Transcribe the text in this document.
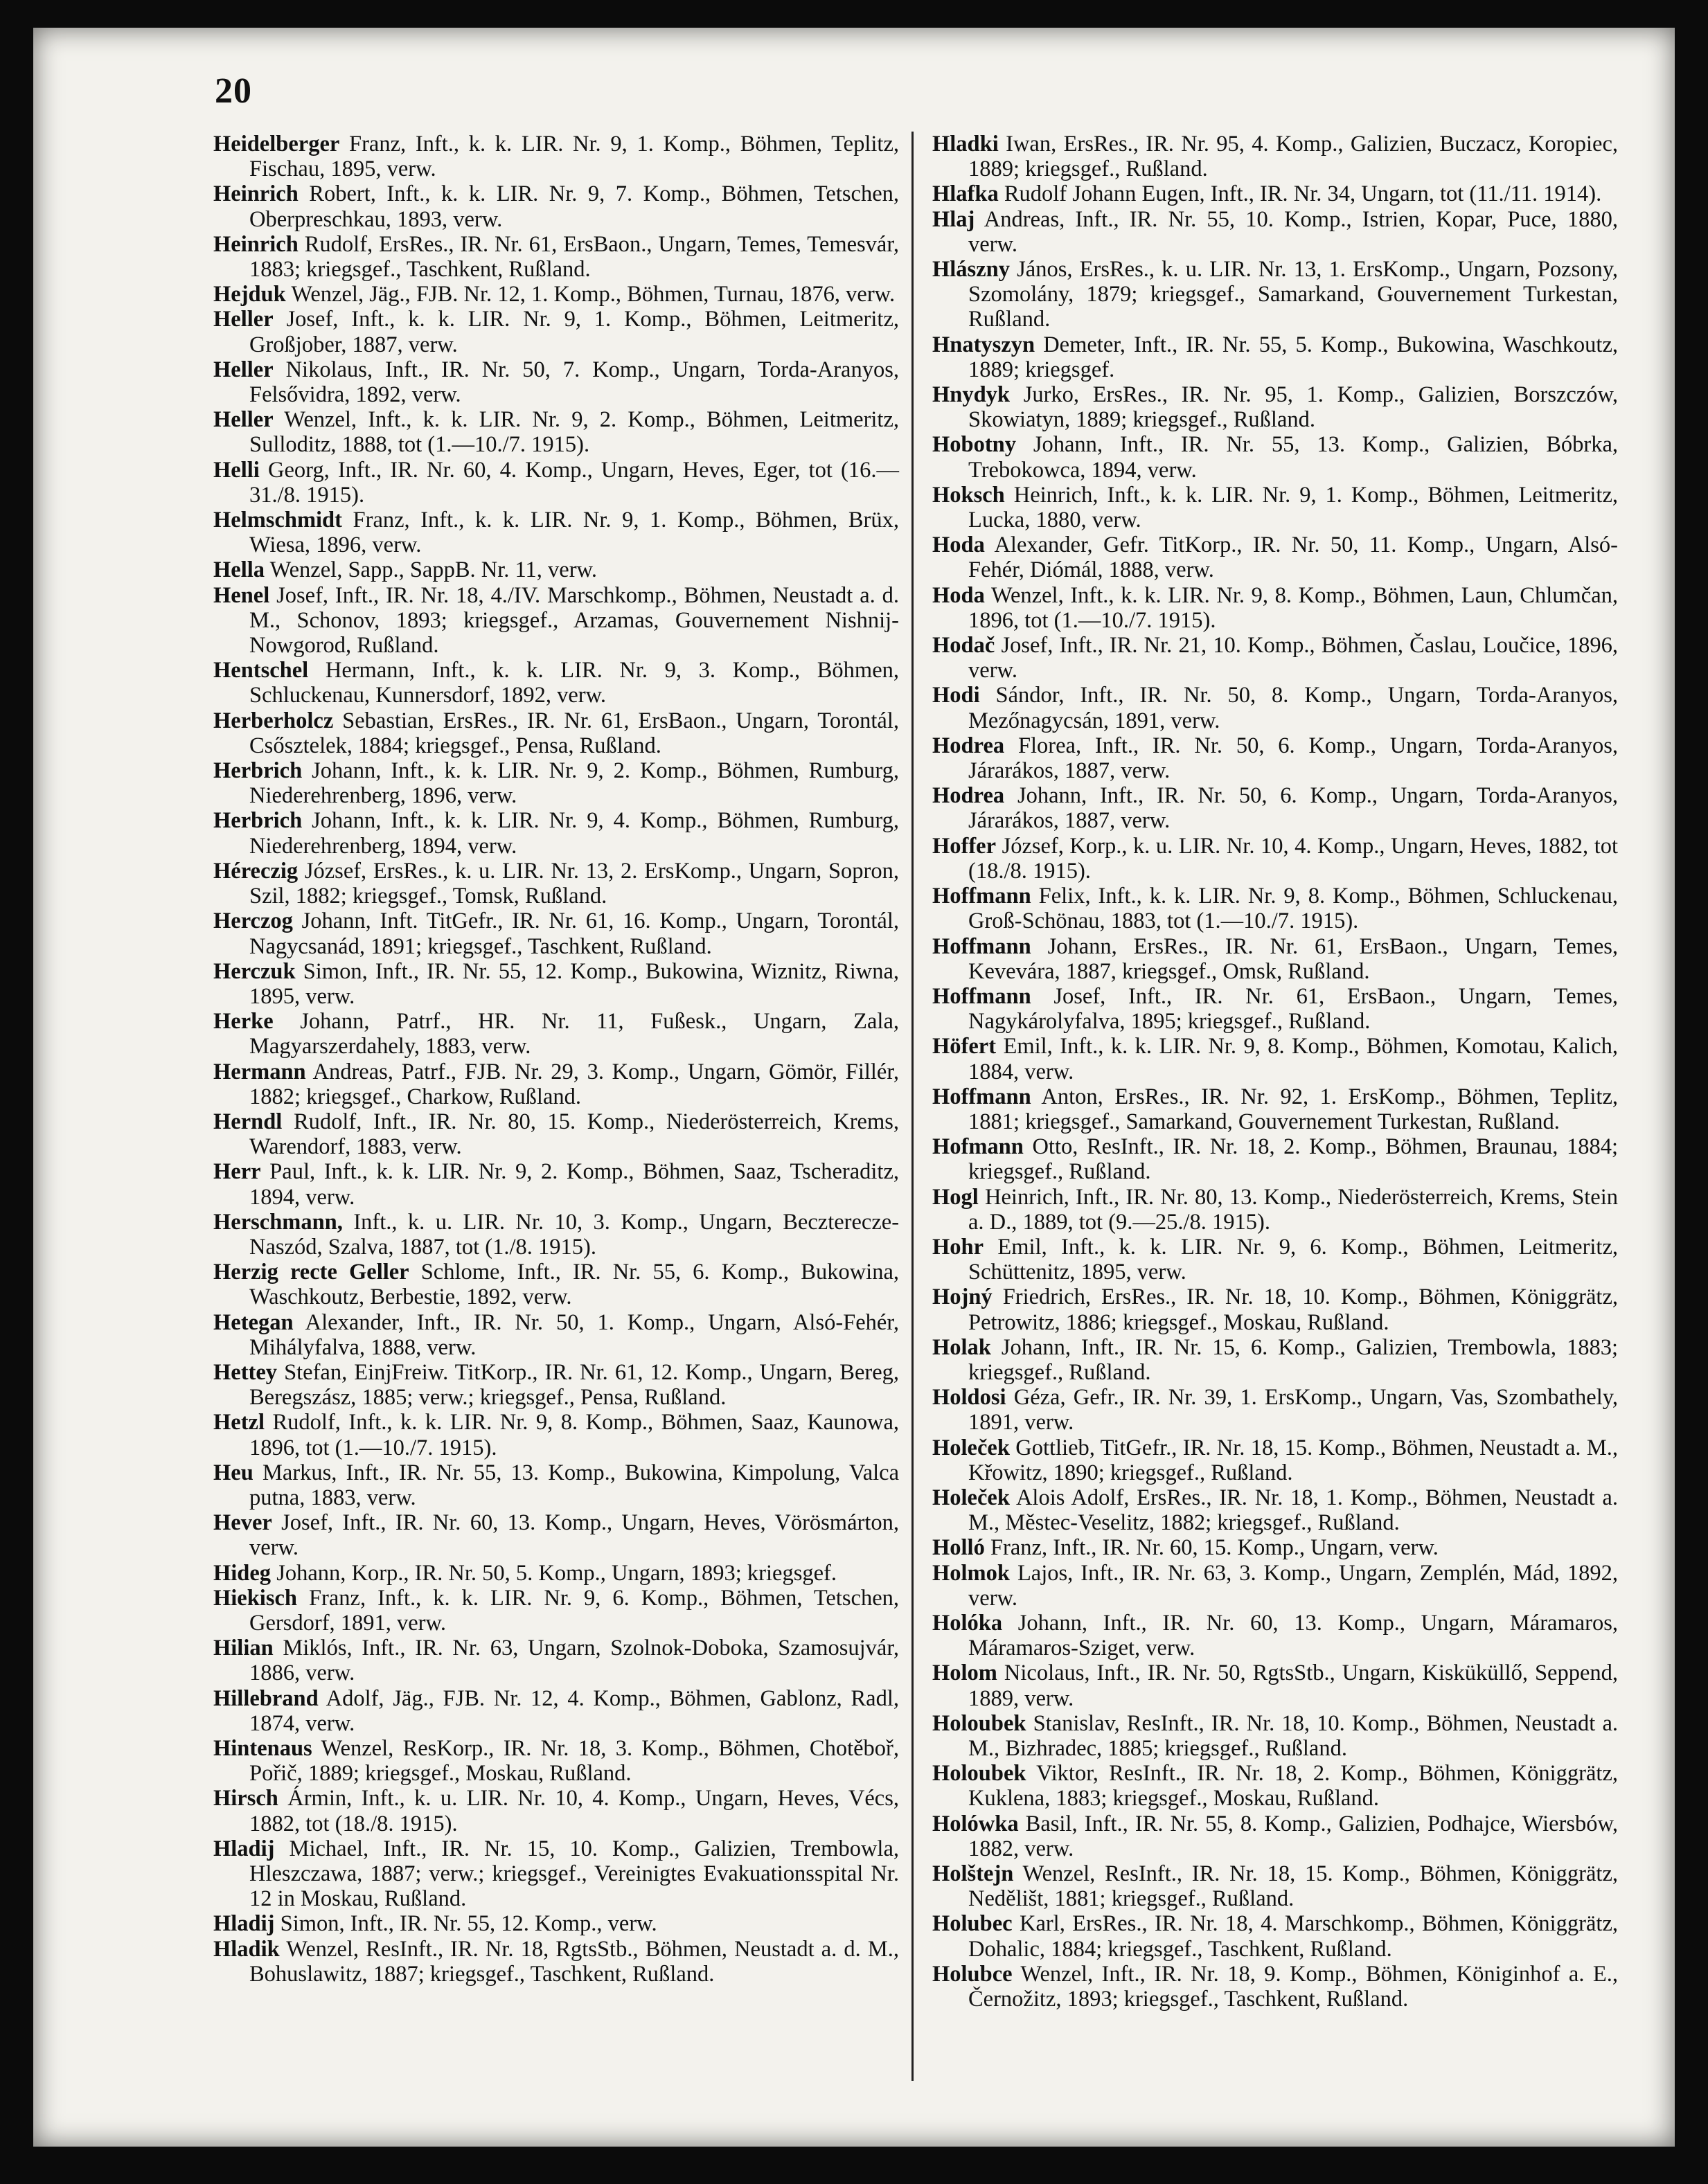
20

Heidelberger Franz, Inft., k. k. LIR. Nr. 9, 1. Komp., Böhmen, Teplitz, Fischau, 1895, verw.

Heinrich Robert, Inft., k. k. LIR. Nr. 9, 7. Komp., Böhmen, Tetschen, Oberpreschkau, 1893, verw.

Heinrich Rudolf, ErsRes., IR. Nr. 61, ErsBaon., Ungarn, Temes, Temesvár, 1883; kriegsgef., Taschkent, Rußland.

Hejduk Wenzel, Jäg., FJB. Nr. 12, 1. Komp., Böhmen, Turnau, 1876, verw.

Heller Josef, Inft., k. k. LIR. Nr. 9, 1. Komp., Böhmen, Leitmeritz, Großjober, 1887, verw.

Heller Nikolaus, Inft., IR. Nr. 50, 7. Komp., Ungarn, Torda-Aranyos, Felsővidra, 1892, verw.

Heller Wenzel, Inft., k. k. LIR. Nr. 9, 2. Komp., Böhmen, Leitmeritz, Sulloditz, 1888, tot (1.—10./7. 1915).

Helli Georg, Inft., IR. Nr. 60, 4. Komp., Ungarn, Heves, Eger, tot (16.—31./8. 1915).

Helmschmidt Franz, Inft., k. k. LIR. Nr. 9, 1. Komp., Böhmen, Brüx, Wiesa, 1896, verw.

Hella Wenzel, Sapp., SappB. Nr. 11, verw.

Henel Josef, Inft., IR. Nr. 18, 4./IV. Marschkomp., Böhmen, Neustadt a. d. M., Schonov, 1893; kriegsgef., Arzamas, Gouvernement Nishnij-Nowgorod, Rußland.

Hentschel Hermann, Inft., k. k. LIR. Nr. 9, 3. Komp., Böhmen, Schluckenau, Kunnersdorf, 1892, verw.

Herberholcz Sebastian, ErsRes., IR. Nr. 61, ErsBaon., Ungarn, Torontál, Csősztelek, 1884; kriegsgef., Pensa, Rußland.

Herbrich Johann, Inft., k. k. LIR. Nr. 9, 2. Komp., Böhmen, Rumburg, Niederehrenberg, 1896, verw.

Herbrich Johann, Inft., k. k. LIR. Nr. 9, 4. Komp., Böhmen, Rumburg, Niederehrenberg, 1894, verw.

Héreczig József, ErsRes., k. u. LIR. Nr. 13, 2. ErsKomp., Ungarn, Sopron, Szil, 1882; kriegsgef., Tomsk, Rußland.

Herczog Johann, Inft. TitGefr., IR. Nr. 61, 16. Komp., Ungarn, Torontál, Nagycsanád, 1891; kriegsgef., Taschkent, Rußland.

Herczuk Simon, Inft., IR. Nr. 55, 12. Komp., Bukowina, Wiznitz, Riwna, 1895, verw.

Herke Johann, Patrf., HR. Nr. 11, Fußesk., Ungarn, Zala, Magyarszerdahely, 1883, verw.

Hermann Andreas, Patrf., FJB. Nr. 29, 3. Komp., Ungarn, Gömör, Fillér, 1882; kriegsgef., Charkow, Rußland.

Herndl Rudolf, Inft., IR. Nr. 80, 15. Komp., Niederösterreich, Krems, Warendorf, 1883, verw.

Herr Paul, Inft., k. k. LIR. Nr. 9, 2. Komp., Böhmen, Saaz, Tscheraditz, 1894, verw.

Herschmann, Inft., k. u. LIR. Nr. 10, 3. Komp., Ungarn, Beczterecze-Naszód, Szalva, 1887, tot (1./8. 1915).

Herzig recte Geller Schlome, Inft., IR. Nr. 55, 6. Komp., Bukowina, Waschkoutz, Berbestie, 1892, verw.

Hetegan Alexander, Inft., IR. Nr. 50, 1. Komp., Ungarn, Alsó-Fehér, Mihályfalva, 1888, verw.

Hettey Stefan, EinjFreiw. TitKorp., IR. Nr. 61, 12. Komp., Ungarn, Bereg, Beregszász, 1885; verw.; kriegsgef., Pensa, Rußland.

Hetzl Rudolf, Inft., k. k. LIR. Nr. 9, 8. Komp., Böhmen, Saaz, Kaunowa, 1896, tot (1.—10./7. 1915).

Heu Markus, Inft., IR. Nr. 55, 13. Komp., Bukowina, Kimpolung, Valca putna, 1883, verw.

Hever Josef, Inft., IR. Nr. 60, 13. Komp., Ungarn, Heves, Vörösmárton, verw.

Hideg Johann, Korp., IR. Nr. 50, 5. Komp., Ungarn, 1893; kriegsgef.

Hiekisch Franz, Inft., k. k. LIR. Nr. 9, 6. Komp., Böhmen, Tetschen, Gersdorf, 1891, verw.

Hilian Miklós, Inft., IR. Nr. 63, Ungarn, Szolnok-Doboka, Szamosujvár, 1886, verw.

Hillebrand Adolf, Jäg., FJB. Nr. 12, 4. Komp., Böhmen, Gablonz, Radl, 1874, verw.

Hintenaus Wenzel, ResKorp., IR. Nr. 18, 3. Komp., Böhmen, Chotěboř, Pořič, 1889; kriegsgef., Moskau, Rußland.

Hirsch Ármin, Inft., k. u. LIR. Nr. 10, 4. Komp., Ungarn, Heves, Vécs, 1882, tot (18./8. 1915).

Hladij Michael, Inft., IR. Nr. 15, 10. Komp., Galizien, Trembowla, Hleszczawa, 1887; verw.; kriegsgef., Vereinigtes Evakuationsspital Nr. 12 in Moskau, Rußland.

Hladij Simon, Inft., IR. Nr. 55, 12. Komp., verw.

Hladik Wenzel, ResInft., IR. Nr. 18, RgtsStb., Böhmen, Neustadt a. d. M., Bohuslawitz, 1887; kriegsgef., Taschkent, Rußland.

Hladki Iwan, ErsRes., IR. Nr. 95, 4. Komp., Galizien, Buczacz, Koropiec, 1889; kriegsgef., Rußland.

Hlafka Rudolf Johann Eugen, Inft., IR. Nr. 34, Ungarn, tot (11./11. 1914).

Hlaj Andreas, Inft., IR. Nr. 55, 10. Komp., Istrien, Kopar, Puce, 1880, verw.

Hlászny János, ErsRes., k. u. LIR. Nr. 13, 1. ErsKomp., Ungarn, Pozsony, Szomolány, 1879; kriegsgef., Samarkand, Gouvernement Turkestan, Rußland.

Hnatyszyn Demeter, Inft., IR. Nr. 55, 5. Komp., Bukowina, Waschkoutz, 1889; kriegsgef.

Hnydyk Jurko, ErsRes., IR. Nr. 95, 1. Komp., Galizien, Borszczów, Skowiatyn, 1889; kriegsgef., Rußland.

Hobotny Johann, Inft., IR. Nr. 55, 13. Komp., Galizien, Bóbrka, Trebokowca, 1894, verw.

Hoksch Heinrich, Inft., k. k. LIR. Nr. 9, 1. Komp., Böhmen, Leitmeritz, Lucka, 1880, verw.

Hoda Alexander, Gefr. TitKorp., IR. Nr. 50, 11. Komp., Ungarn, Alsó-Fehér, Diómál, 1888, verw.

Hoda Wenzel, Inft., k. k. LIR. Nr. 9, 8. Komp., Böhmen, Laun, Chlumčan, 1896, tot (1.—10./7. 1915).

Hodač Josef, Inft., IR. Nr. 21, 10. Komp., Böhmen, Časlau, Loučice, 1896, verw.

Hodi Sándor, Inft., IR. Nr. 50, 8. Komp., Ungarn, Torda-Aranyos, Mezőnagycsán, 1891, verw.

Hodrea Florea, Inft., IR. Nr. 50, 6. Komp., Ungarn, Torda-Aranyos, Járarákos, 1887, verw.

Hodrea Johann, Inft., IR. Nr. 50, 6. Komp., Ungarn, Torda-Aranyos, Járarákos, 1887, verw.

Hoffer József, Korp., k. u. LIR. Nr. 10, 4. Komp., Ungarn, Heves, 1882, tot (18./8. 1915).

Hoffmann Felix, Inft., k. k. LIR. Nr. 9, 8. Komp., Böhmen, Schluckenau, Groß-Schönau, 1883, tot (1.—10./7. 1915).

Hoffmann Johann, ErsRes., IR. Nr. 61, ErsBaon., Ungarn, Temes, Kevevára, 1887, kriegsgef., Omsk, Rußland.

Hoffmann Josef, Inft., IR. Nr. 61, ErsBaon., Ungarn, Temes, Nagykárolyfalva, 1895; kriegsgef., Rußland.

Höfert Emil, Inft., k. k. LIR. Nr. 9, 8. Komp., Böhmen, Komotau, Kalich, 1884, verw.

Hoffmann Anton, ErsRes., IR. Nr. 92, 1. ErsKomp., Böhmen, Teplitz, 1881; kriegsgef., Samarkand, Gouvernement Turkestan, Rußland.

Hofmann Otto, ResInft., IR. Nr. 18, 2. Komp., Böhmen, Braunau, 1884; kriegsgef., Rußland.

Hogl Heinrich, Inft., IR. Nr. 80, 13. Komp., Niederösterreich, Krems, Stein a. D., 1889, tot (9.—25./8. 1915).

Hohr Emil, Inft., k. k. LIR. Nr. 9, 6. Komp., Böhmen, Leitmeritz, Schüttenitz, 1895, verw.

Hojný Friedrich, ErsRes., IR. Nr. 18, 10. Komp., Böhmen, Königgrätz, Petrowitz, 1886; kriegsgef., Moskau, Rußland.

Holak Johann, Inft., IR. Nr. 15, 6. Komp., Galizien, Trembowla, 1883; kriegsgef., Rußland.

Holdosi Géza, Gefr., IR. Nr. 39, 1. ErsKomp., Ungarn, Vas, Szombathely, 1891, verw.

Holeček Gottlieb, TitGefr., IR. Nr. 18, 15. Komp., Böhmen, Neustadt a. M., Křowitz, 1890; kriegsgef., Rußland.

Holeček Alois Adolf, ErsRes., IR. Nr. 18, 1. Komp., Böhmen, Neustadt a. M., Městec-Veselitz, 1882; kriegsgef., Rußland.

Holló Franz, Inft., IR. Nr. 60, 15. Komp., Ungarn, verw.

Holmok Lajos, Inft., IR. Nr. 63, 3. Komp., Ungarn, Zemplén, Mád, 1892, verw.

Holóka Johann, Inft., IR. Nr. 60, 13. Komp., Ungarn, Máramaros, Máramaros-Sziget, verw.

Holom Nicolaus, Inft., IR. Nr. 50, RgtsStb., Ungarn, Kisküküllő, Seppend, 1889, verw.

Holoubek Stanislav, ResInft., IR. Nr. 18, 10. Komp., Böhmen, Neustadt a. M., Bizhradec, 1885; kriegsgef., Rußland.

Holoubek Viktor, ResInft., IR. Nr. 18, 2. Komp., Böhmen, Königgrätz, Kuklena, 1883; kriegsgef., Moskau, Rußland.

Holówka Basil, Inft., IR. Nr. 55, 8. Komp., Galizien, Podhajce, Wiersbów, 1882, verw.

Holštejn Wenzel, ResInft., IR. Nr. 18, 15. Komp., Böhmen, Königgrätz, Nedělišt, 1881; kriegsgef., Rußland.

Holubec Karl, ErsRes., IR. Nr. 18, 4. Marschkomp., Böhmen, Königgrätz, Dohalic, 1884; kriegsgef., Taschkent, Rußland.

Holubce Wenzel, Inft., IR. Nr. 18, 9. Komp., Böhmen, Königinhof a. E., Černožitz, 1893; kriegsgef., Taschkent, Rußland.
